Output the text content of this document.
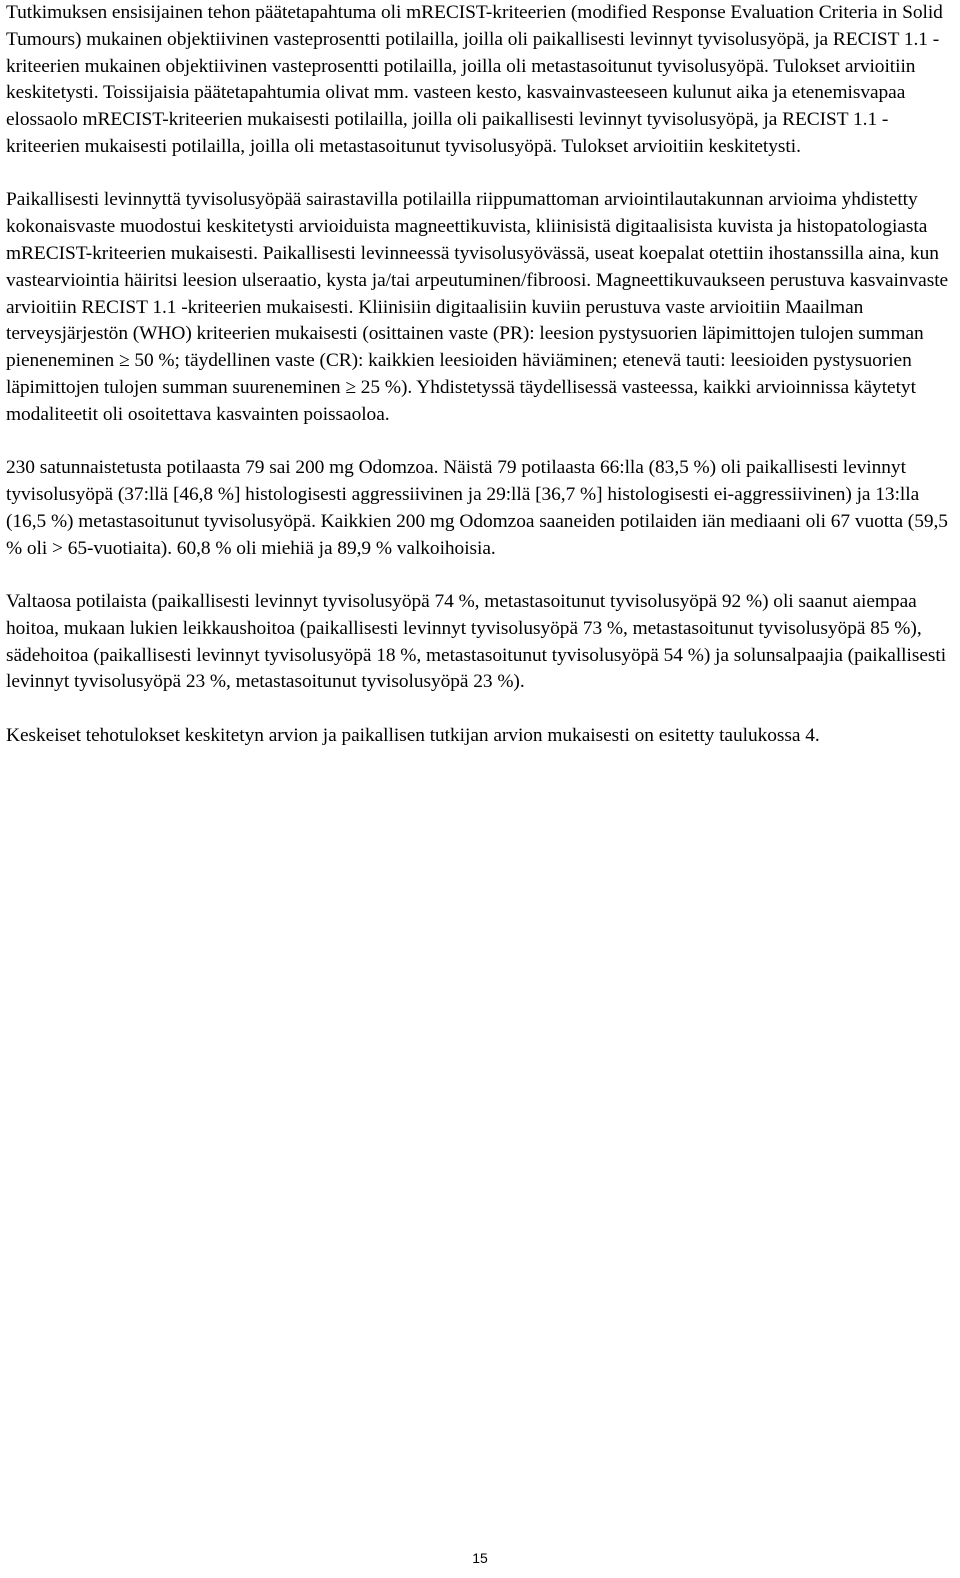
Tutkimuksen ensisijainen tehon päätetapahtuma oli mRECIST-kriteerien (modified Response Evaluation Criteria in Solid Tumours) mukainen objektiivinen vasteprosentti potilailla, joilla oli paikallisesti levinnyt tyvisolusyöpä, ja RECIST 1.1 -kriteerien mukainen objektiivinen vasteprosentti potilailla, joilla oli metastasoitunut tyvisolusyöpä. Tulokset arvioitiin keskitetysti. Toissijaisia päätetapahtumia olivat mm. vasteen kesto, kasvainvasteeseen kulunut aika ja etenemisvapaa elossaolo mRECIST-kriteerien mukaisesti potilailla, joilla oli paikallisesti levinnyt tyvisolusyöpä, ja RECIST 1.1 -kriteerien mukaisesti potilailla, joilla oli metastasoitunut tyvisolusyöpä. Tulokset arvioitiin keskitetysti.

Paikallisesti levinnyttä tyvisolusyöpää sairastavilla potilailla riippumattoman arviointilautakunnan arvioima yhdistetty kokonaisvaste muodostui keskitetysti arvioiduista magneettikuvista, kliinisistä digitaalisista kuvista ja histopatologiasta mRECIST-kriteerien mukaisesti. Paikallisesti levinneessä tyvisolusyövässä, useat koepalat otettiin ihostanssilla aina, kun vastearviointia häiritsi leesion ulseraatio, kysta ja/tai arpeutuminen/fibroosi. Magneettikuvaukseen perustuva kasvainvaste arvioitiin RECIST 1.1 -kriteerien mukaisesti. Kliinisiin digitaalisiin kuviin perustuva vaste arvioitiin Maailman terveysjärjestön (WHO) kriteerien mukaisesti (osittainen vaste (PR): leesion pystysuorien läpimittojen tulojen summan pieneneminen ≥ 50 %; täydellinen vaste (CR): kaikkien leesioiden häviäminen; etenevä tauti: leesioiden pystysuorien läpimittojen tulojen summan suureneminen ≥ 25 %). Yhdistetyssä täydellisessä vasteessa, kaikki arvioinnissa käytetyt modaliteetit oli osoitettava kasvainten poissaoloa.

230 satunnaistetusta potilaasta 79 sai 200 mg Odomzoa. Näistä 79 potilaasta 66:lla (83,5 %) oli paikallisesti levinnyt tyvisolusyöpä (37:llä [46,8 %] histologisesti aggressiivinen ja 29:llä [36,7 %] histologisesti ei-aggressiivinen) ja 13:lla (16,5 %) metastasoitunut tyvisolusyöpä. Kaikkien 200 mg Odomzoa saaneiden potilaiden iän mediaani oli 67 vuotta (59,5 % oli > 65-vuotiaita). 60,8 % oli miehiä ja 89,9 % valkoihoisia.

Valtaosa potilaista (paikallisesti levinnyt tyvisolusyöpä 74 %, metastasoitunut tyvisolusyöpä 92 %) oli saanut aiempaa hoitoa, mukaan lukien leikkaushoitoa (paikallisesti levinnyt tyvisolusyöpä 73 %, metastasoitunut tyvisolusyöpä 85 %), sädehoitoa (paikallisesti levinnyt tyvisolusyöpä 18 %, metastasoitunut tyvisolusyöpä 54 %) ja solunsalpaajia (paikallisesti levinnyt tyvisolusyöpä 23 %, metastasoitunut tyvisolusyöpä 23 %).

Keskeiset tehotulokset keskitetyn arvion ja paikallisen tutkijan arvion mukaisesti on esitetty taulukossa 4.

15
